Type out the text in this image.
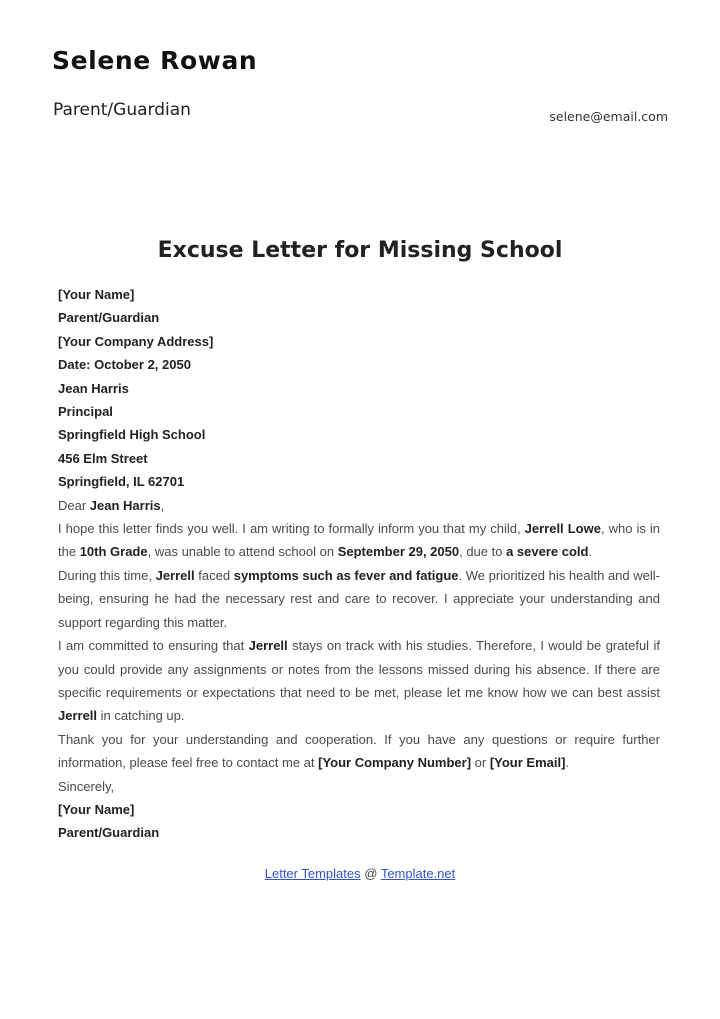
Selene Rowan
Parent/Guardian	selene@email.com
Excuse Letter for Missing School

[Your Name]

Parent/Guardian

[Your Company Address]

Date: October 2, 2050

Jean Harris

Principal

Springfield High School

456 Elm Street

Springfield, IL 62701

Dear Jean Harris,

I hope this letter finds you well. I am writing to formally inform you that my child, Jerrell Lowe, who is in the 10th Grade, was unable to attend school on September 29, 2050, due to a severe cold.

During this time, Jerrell faced symptoms such as fever and fatigue. We prioritized his health and well-being, ensuring he had the necessary rest and care to recover. I appreciate your understanding and support regarding this matter.

I am committed to ensuring that Jerrell stays on track with his studies. Therefore, I would be grateful if you could provide any assignments or notes from the lessons missed during his absence. If there are specific requirements or expectations that need to be met, please let me know how we can best assist Jerrell in catching up.

Thank you for your understanding and cooperation. If you have any questions or require further information, please feel free to contact me at [Your Company Number] or [Your Email].

Sincerely,

[Your Name]

Parent/Guardian

Letter Templates @ Template.net
